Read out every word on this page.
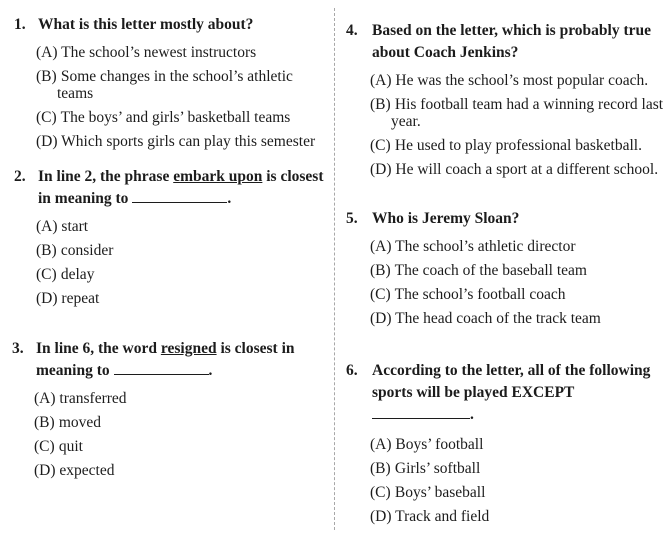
1. What is this letter mostly about?
(A) The school’s newest instructors
(B) Some changes in the school’s athletic teams
(C) The boys’ and girls’ basketball teams
(D) Which sports girls can play this semester
2. In line 2, the phrase embark upon is closest in meaning to	.
(A) start
(B) consider
(C) delay
(D) repeat
3. In line 6, the word resigned is closest in meaning to	.
(A) transferred
(B) moved
(C) quit
(D) expected
4. Based on the letter, which is probably true about Coach Jenkins?
(A) He was the school’s most popular coach.
(B) His football team had a winning record last year.
(C) He used to play professional basketball.
(D) He will coach a sport at a different school.
5. Who is Jeremy Sloan?
(A) The school’s athletic director
(B) The coach of the baseball team
(C) The school’s football coach
(D) The head coach of the track team
6. According to the letter, all of the following sports will be played EXCEPT
.
(A) Boys’ football
(B) Girls’ softball
(C) Boys’ baseball
(D) Track and field
